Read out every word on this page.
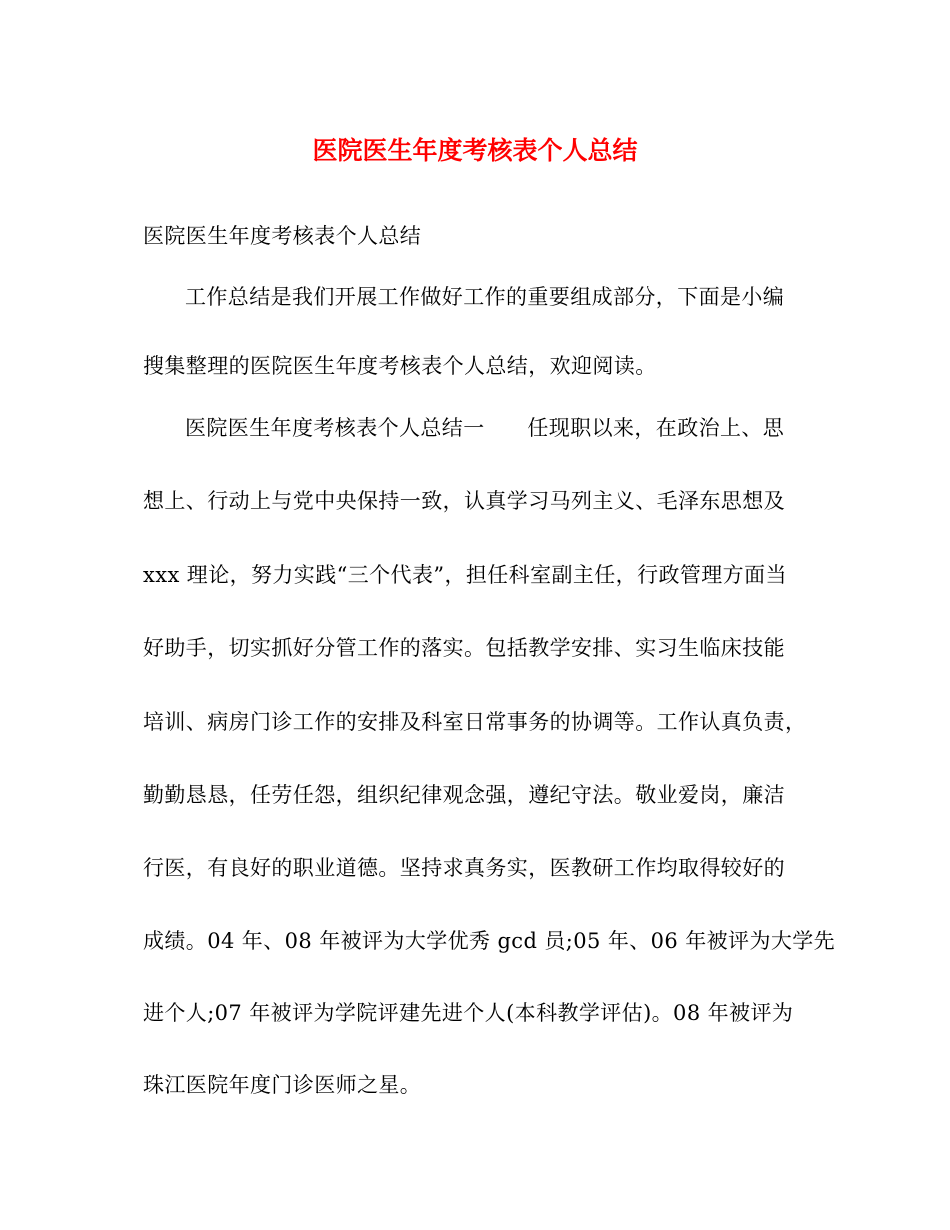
医院医生年度考核表个人总结
医院医生年度考核表个人总结
工作总结是我们开展工作做好工作的重要组成部分，下面是小编
搜集整理的医院医生年度考核表个人总结，欢迎阅读。
医院医生年度考核表个人总结一　　任现职以来，在政治上、思
想上、行动上与党中央保持一致，认真学习马列主义、毛泽东思想及
xxx 理论，努力实践“三个代表”，担任科室副主任，行政管理方面当
好助手，切实抓好分管工作的落实。包括教学安排、实习生临床技能
培训、病房门诊工作的安排及科室日常事务的协调等。工作认真负责，
勤勤恳恳，任劳任怨，组织纪律观念强，遵纪守法。敬业爱岗，廉洁
行医，有良好的职业道德。坚持求真务实，医教研工作均取得较好的
成绩。04 年、08 年被评为大学优秀 gcd 员;05 年、06 年被评为大学先
进个人;07 年被评为学院评建先进个人(本科教学评估)。08 年被评为
珠江医院年度门诊医师之星。
